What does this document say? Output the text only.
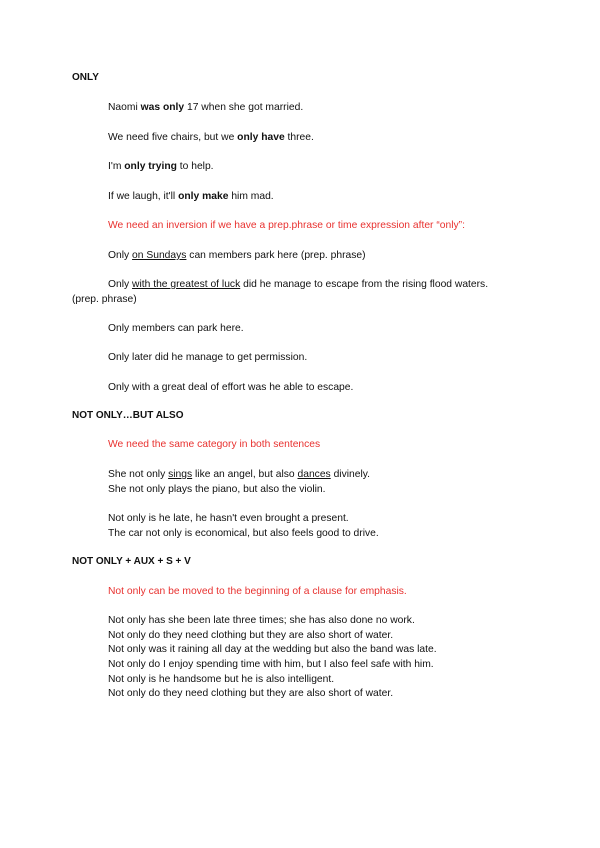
ONLY
Naomi was only 17 when she got married.
We need five chairs, but we only have three.
I'm only trying to help.
If we laugh, it'll only make him mad.
We need an inversion if we have a prep.phrase or time expression after “only”:
Only on Sundays can members park here (prep. phrase)
Only with the greatest of luck did he manage to escape from the rising flood waters.
(prep. phrase)
Only members can park here.
Only later did he manage to get permission.
Only with a great deal of effort was he able to escape.
NOT ONLY…BUT ALSO
We need the same category in both sentences
She not only sings like an angel, but also dances divinely.
She not only plays the piano, but also the violin.
Not only is he late, he hasn't even brought a present.
The car not only is economical, but also feels good to drive.
NOT ONLY + AUX + S + V
Not only can be moved to the beginning of a clause for emphasis.
Not only has she been late three times; she has also done no work.
Not only do they need clothing but they are also short of water.
Not only was it raining all day at the wedding but also the band was late.
Not only do I enjoy spending time with him, but I also feel safe with him.
Not only is he handsome but he is also intelligent.
Not only do they need clothing but they are also short of water.
